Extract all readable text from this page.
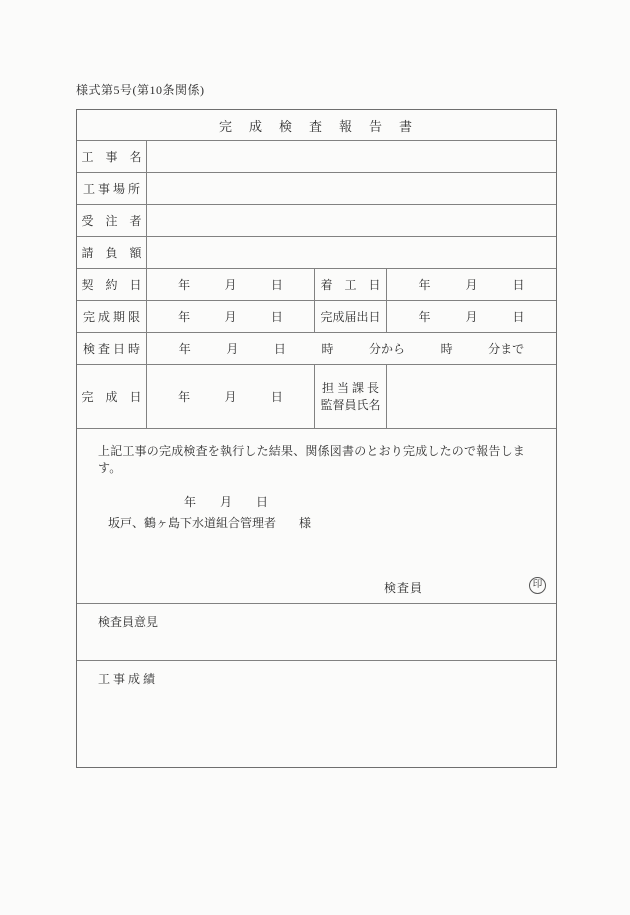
様式第5号(第10条関係)
完　成　検　査　報　告　書
工　事　名
工 事 場 所
受　注　者
請　負　額
契　約　日	年	月	日	着　工　日	年	月	日
完 成 期 限	年	月	日	完成届出日	年	月	日
検 査 日 時	年	月	日	時	分から	時	分まで
完　成　日	年	月	日
担 当 課 長
監督員氏名
上記工事の完成検査を執行した結果、関係図書のとおり完成したので報告します。
年　　月　　日
坂戸、鶴ヶ島下水道組合管理者 様
検査員	印
検査員意見
工 事 成 績
